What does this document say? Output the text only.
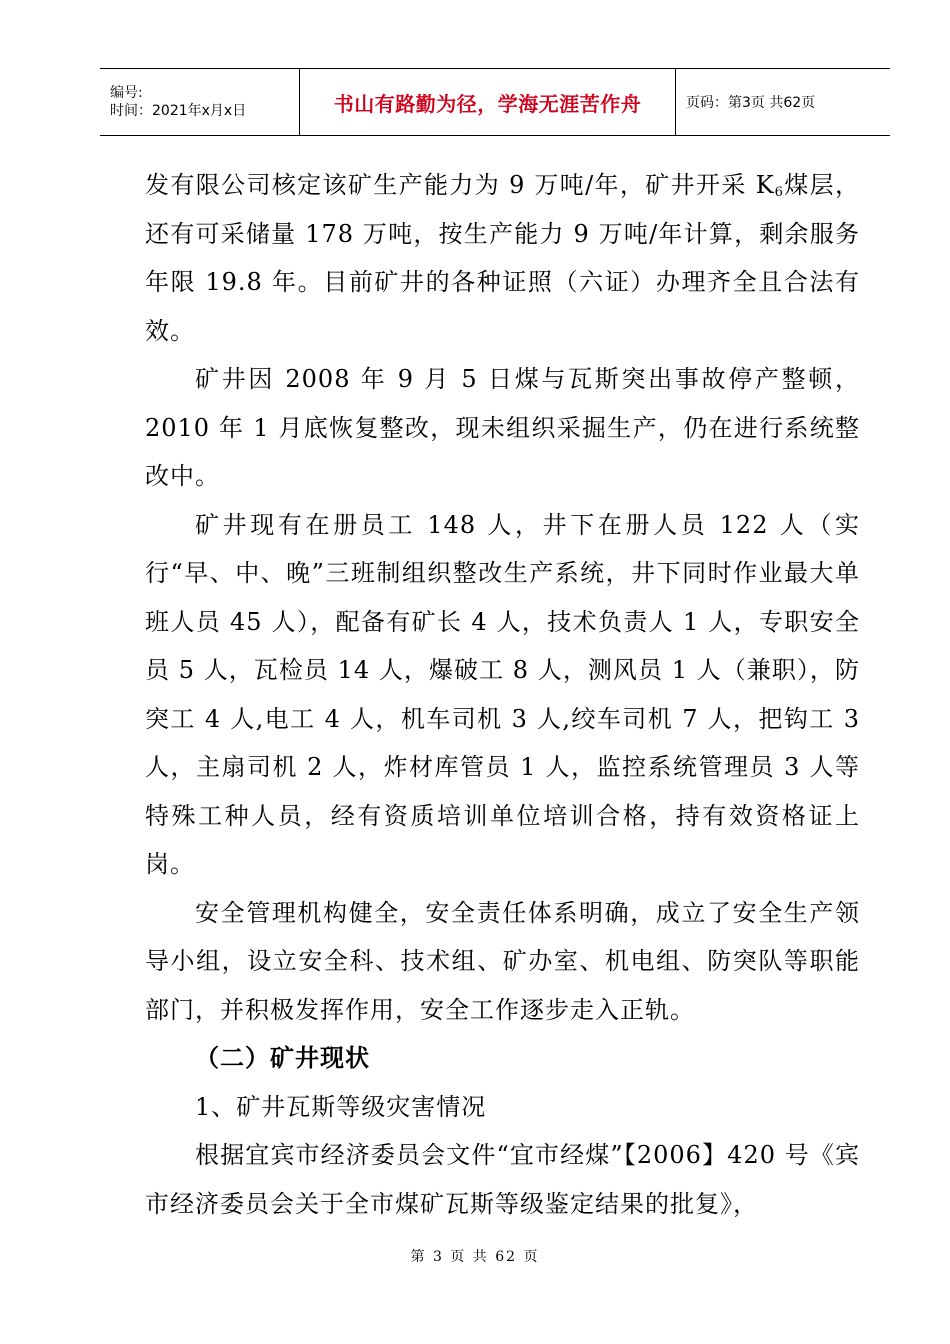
编号:
时间：2021年x月x日	书山有路勤为径，学海无涯苦作舟	页码：第3页 共62页

发有限公司核定该矿生产能力为 9 万吨/年，矿井开采 $K_6$煤层，还有可采储量 178 万吨，按生产能力 9 万吨/年计算，剩余服务年限 19.8 年。目前矿井的各种证照（六证）办理齐全且合法有效。

矿井因 2008 年 9 月 5 日煤与瓦斯突出事故停产整顿，2010 年 1 月底恢复整改，现未组织采掘生产，仍在进行系统整改中。

矿井现有在册员工 148 人，井下在册人员 122 人（实行“早、中、晚”三班制组织整改生产系统，井下同时作业最大单班人员 45 人），配备有矿长 4 人，技术负责人 1 人，专职安全员 5 人，瓦检员 14 人，爆破工 8 人，测风员 1 人（兼职），防突工 4 人,电工 4 人，机车司机 3 人,绞车司机 7 人，把钩工 3 人，主扇司机 2 人，炸材库管员 1 人，监控系统管理员 3 人等特殊工种人员，经有资质培训单位培训合格，持有效资格证上岗。

安全管理机构健全，安全责任体系明确，成立了安全生产领导小组，设立安全科、技术组、矿办室、机电组、防突队等职能部门，并积极发挥作用，安全工作逐步走入正轨。

（二）矿井现状

1、矿井瓦斯等级灾害情况

根据宜宾市经济委员会文件“宜市经煤”【2006】420 号《宾市经济委员会关于全市煤矿瓦斯等级鉴定结果的批复》，

第 3 页 共 62 页
